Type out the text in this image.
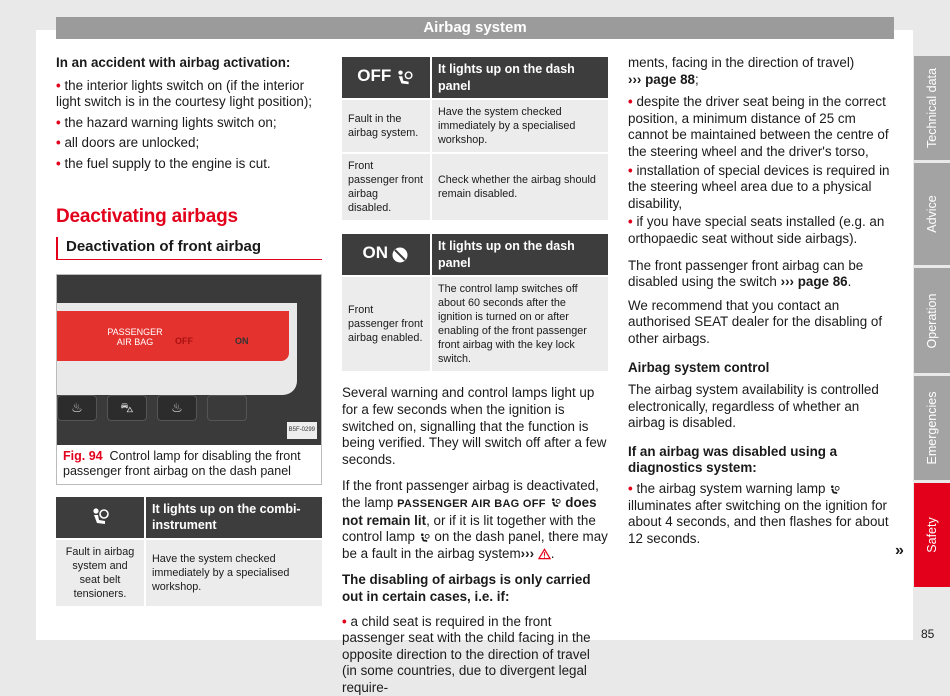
Airbag system

In an accident with airbag activation:

• the interior lights switch on (if the interior light switch is in the courtesy light position);

• the hazard warning lights switch on;

• all doors are unlocked;

• the fuel supply to the engine is cut.

Deactivating airbags
Deactivation of front airbag
PASSENGER AIR BAG	OFF	ON
♨	⛍	♨
B5F-0299
Fig. 94 Control lamp for disabling the front passenger front airbag on the dash panel
	It lights up on the combi-instrument
Fault in airbag system and seat belt tensioners.	Have the system checked immediately by a specialised workshop.
OFF	It lights up on the dash panel
Fault in the airbag system.	Have the system checked immediately by a specialised workshop.
Front passenger front airbag disabled.	Check whether the airbag should remain disabled.
ON	It lights up on the dash panel
Front passenger front airbag enabled.	The control lamp switches off about 60 seconds after the ignition is turned on or after enabling of the front passenger front airbag with the key lock switch.

Several warning and control lamps light up for a few seconds when the ignition is switched on, signalling that the function is being verified. They will switch off after a few seconds.

If the front passenger airbag is deactivated, the lamp PASSENGER AIR BAG OFF does not remain lit, or if it is lit together with the control lamp on the dash panel, there may be a fault in the airbag system››› .

The disabling of airbags is only carried out in certain cases, i.e. if:

• a child seat is required in the front passenger seat with the child facing in the opposite direction to the direction of travel (in some countries, due to divergent legal require-

ments, facing in the direction of travel)
››› page 88;

• despite the driver seat being in the correct position, a minimum distance of 25 cm cannot be maintained between the centre of the steering wheel and the driver's torso,

• installation of special devices is required in the steering wheel area due to a physical disability,

• if you have special seats installed (e.g. an orthopaedic seat without side airbags).

The front passenger front airbag can be disabled using the switch ››› page 86.

We recommend that you contact an authorised SEAT dealer for the disabling of other airbags.

Airbag system control

The airbag system availability is controlled electronically, regardless of whether an airbag is disabled.

If an airbag was disabled using a diagnostics system:

• the airbag system warning lamp  illuminates after switching on the ignition for about 4 seconds, and then flashes for about 12 seconds.

»
Technical data
Advice
Operation
Emergencies
Safety
85
